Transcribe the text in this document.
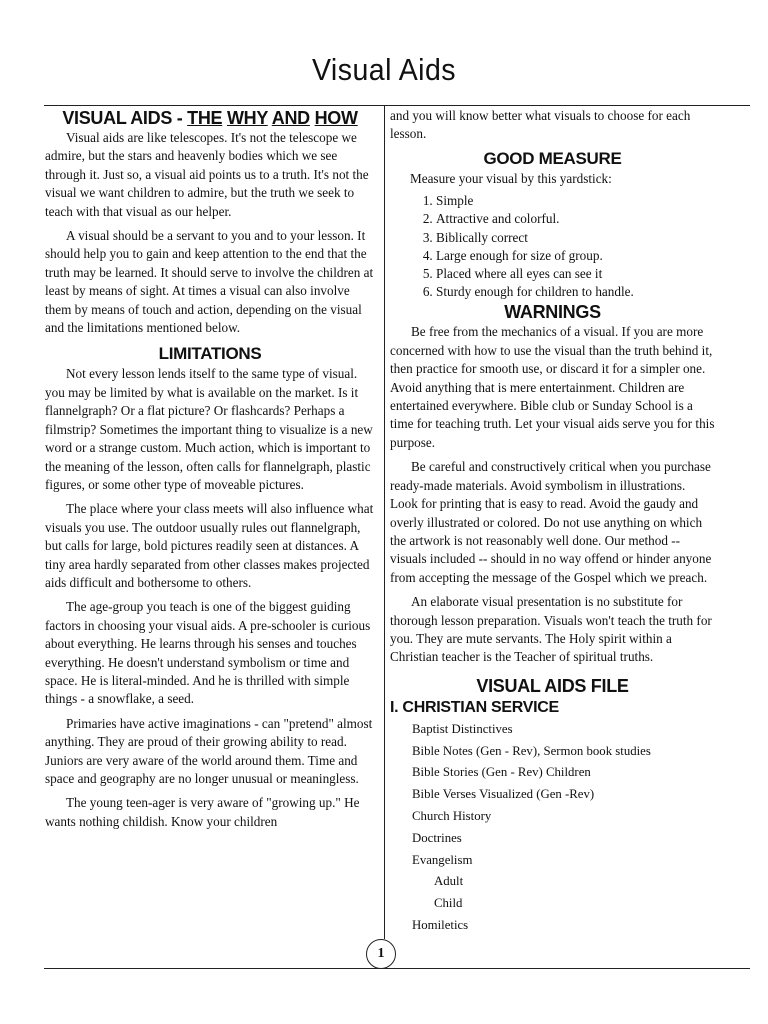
Visual Aids
VISUAL AIDS - THE WHY AND HOW

Visual aids are like telescopes. It's not the telescope we admire, but the stars and heavenly bodies which we see through it. Just so, a visual aid points us to a truth. It's not the visual we want children to admire, but the truth we seek to teach with that visual as our helper.

A visual should be a servant to you and to your lesson. It should help you to gain and keep attention to the end that the truth may be learned. It should serve to involve the children at least by means of sight. At times a visual can also involve them by means of touch and action, depending on the visual and the limitations mentioned below.

LIMITATIONS

Not every lesson lends itself to the same type of visual. you may be limited by what is available on the market. Is it flannelgraph? Or a flat picture? Or flashcards? Perhaps a filmstrip? Sometimes the important thing to visualize is a new word or a strange custom. Much action, which is important to the meaning of the lesson, often calls for flannelgraph, plastic figures, or some other type of moveable pictures.

The place where your class meets will also influence what visuals you use. The outdoor usually rules out flannelgraph, but calls for large, bold pictures readily seen at distances. A tiny area hardly separated from other classes makes projected aids difficult and bothersome to others.

The age-group you teach is one of the biggest guiding factors in choosing your visual aids. A pre-schooler is curious about everything. He learns through his senses and touches everything. He doesn't understand symbolism or time and space. He is literal-minded. And he is thrilled with simple things - a snowflake, a seed.

Primaries have active imaginations - can "pretend" almost anything. They are proud of their growing ability to read. Juniors are very aware of the world around them. Time and space and geography are no longer unusual or meaningless.

The young teen-ager is very aware of "growing up." He wants nothing childish. Know your children

and you will know better what visuals to choose for each lesson.

GOOD MEASURE

Measure your visual by this yardstick:

1. Simple
2. Attractive and colorful.
3. Biblically correct
4. Large enough for size of group.
5. Placed where all eyes can see it
6. Sturdy enough for children to handle.
WARNINGS

Be free from the mechanics of a visual. If you are more concerned with how to use the visual than the truth behind it, then practice for smooth use, or discard it for a simpler one. Avoid anything that is mere entertainment. Children are entertained everywhere. Bible club or Sunday School is a time for teaching truth. Let your visual aids serve you for this purpose.

Be careful and constructively critical when you purchase ready-made materials. Avoid symbolism in illustrations. Look for printing that is easy to read. Avoid the gaudy and overly illustrated or colored. Do not use anything on which the artwork is not reasonably well done. Our method -- visuals included -- should in no way offend or hinder anyone from accepting the message of the Gospel which we preach.

An elaborate visual presentation is no substitute for thorough lesson preparation. Visuals won't teach the truth for you. They are mute servants. The Holy spirit within a Christian teacher is the Teacher of spiritual truths.

VISUAL AIDS FILE
I. CHRISTIAN SERVICE
Baptist Distinctives
Bible Notes (Gen - Rev), Sermon book studies
Bible Stories (Gen - Rev) Children
Bible Verses Visualized (Gen -Rev)
Church History
Doctrines
Evangelism
Adult
Child
Homiletics
1
